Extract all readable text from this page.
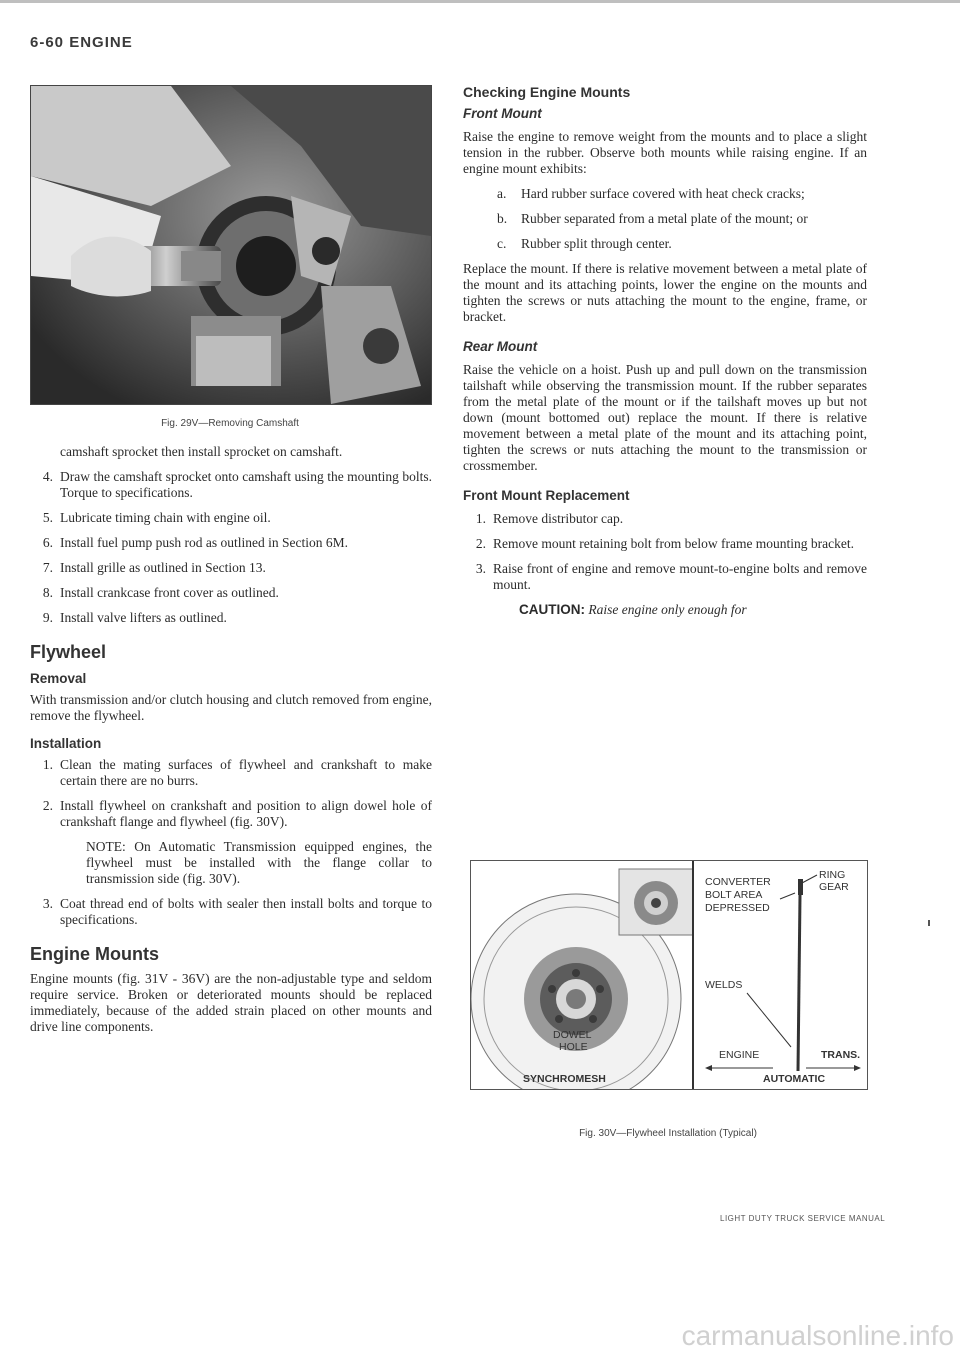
6-60 ENGINE
Fig. 29V—Removing Camshaft

camshaft sprocket then install sprocket on camshaft.

4. Draw the camshaft sprocket onto camshaft using the mounting bolts. Torque to specifications.
5. Lubricate timing chain with engine oil.
6. Install fuel pump push rod as outlined in Section 6M.
7. Install grille as outlined in Section 13.
8. Install crankcase front cover as outlined.
9. Install valve lifters as outlined.
Flywheel
Removal

With transmission and/or clutch housing and clutch removed from engine, remove the flywheel.

Installation
1. Clean the mating surfaces of flywheel and crankshaft to make certain there are no burrs.
2. Install flywheel on crankshaft and position to align dowel hole of crankshaft flange and flywheel (fig. 30V).
NOTE: On Automatic Transmission equipped engines, the flywheel must be installed with the flange collar to transmission side (fig. 30V).
3. Coat thread end of bolts with sealer then install bolts and torque to specifications.
Engine Mounts

Engine mounts (fig. 31V - 36V) are the non-adjustable type and seldom require service. Broken or deteriorated mounts should be replaced immediately, because of the added strain placed on other mounts and drive line components.

Checking Engine Mounts
Front Mount

Raise the engine to remove weight from the mounts and to place a slight tension in the rubber. Observe both mounts while raising engine. If an engine mount exhibits:

a. Hard rubber surface covered with heat check cracks;
b. Rubber separated from a metal plate of the mount; or
c. Rubber split through center.

Replace the mount. If there is relative movement between a metal plate of the mount and its attaching points, lower the engine on the mounts and tighten the screws or nuts attaching the mount to the engine, frame, or bracket.

Rear Mount

Raise the vehicle on a hoist. Push up and pull down on the transmission tailshaft while observing the transmission mount. If the rubber separates from the metal plate of the mount or if the tailshaft moves up but not down (mount bottomed out) replace the mount. If there is relative movement between a metal plate of the mount and its attaching point, tighten the screws or nuts attaching the mount to the transmission or crossmember.

Front Mount Replacement
1. Remove distributor cap.
2. Remove mount retaining bolt from below frame mounting bracket.
3. Raise front of engine and remove mount-to-engine bolts and remove mount.
CAUTION: Raise engine only enough for
CONVERTER
BOLT AREA
DEPRESSED
RING
GEAR
WELDS
ENGINE	TRANS.
DOWEL
HOLE
SYNCHROMESH	AUTOMATIC
Fig. 30V—Flywheel Installation (Typical)
LIGHT DUTY TRUCK SERVICE MANUAL
carmanualsonline.info
